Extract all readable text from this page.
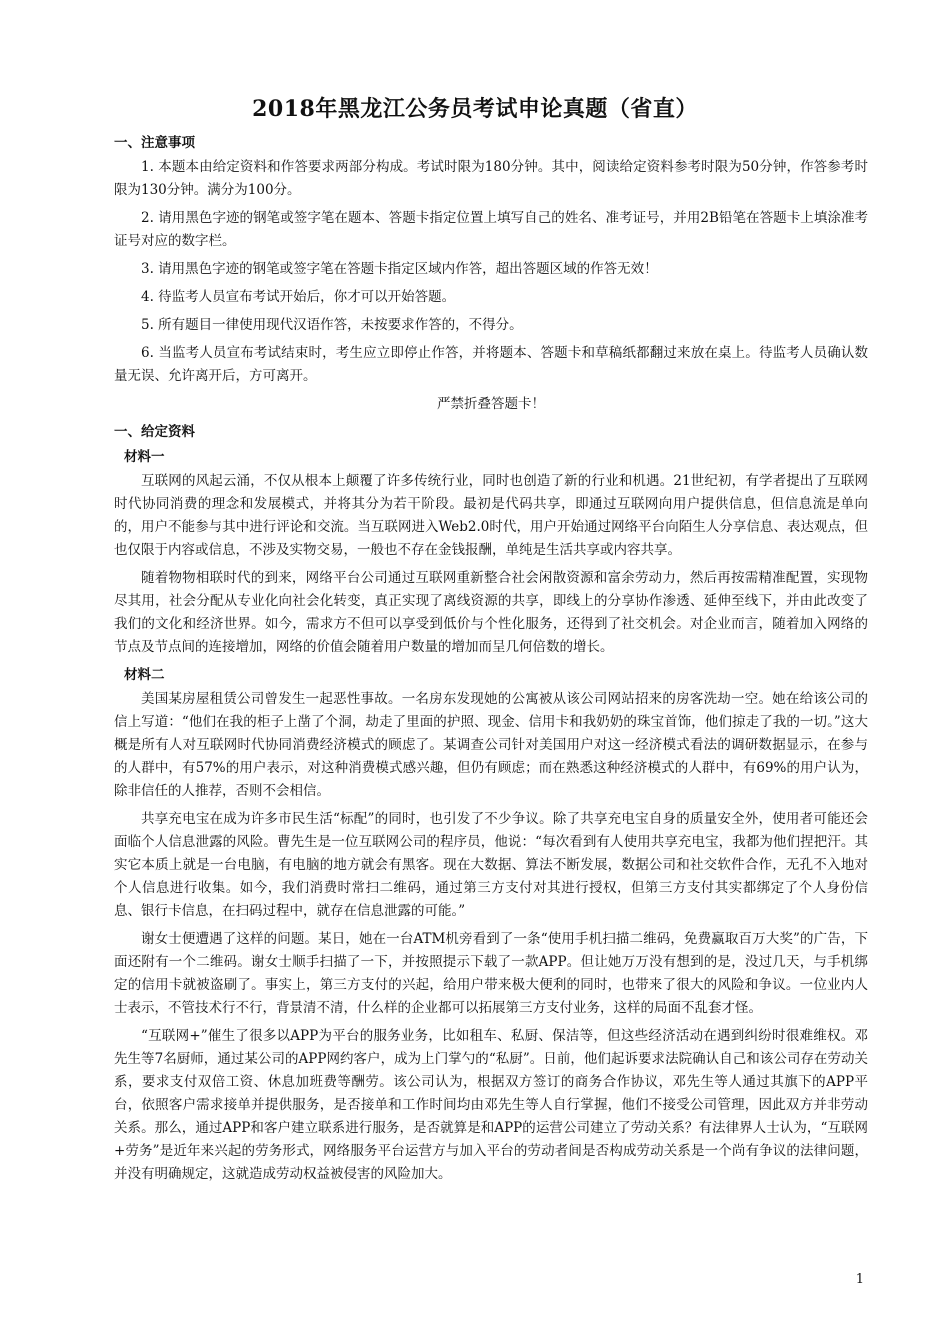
2018年黑龙江公务员考试申论真题（省直）
一、注意事项
1. 本题本由给定资料和作答要求两部分构成。考试时限为180分钟。其中，阅读给定资料参考时限为50分钟，作答参考时限为130分钟。满分为100分。
2. 请用黑色字迹的钢笔或签字笔在题本、答题卡指定位置上填写自己的姓名、准考证号，并用2B铅笔在答题卡上填涂准考证号对应的数字栏。
3. 请用黑色字迹的钢笔或签字笔在答题卡指定区域内作答，超出答题区域的作答无效！
4. 待监考人员宣布考试开始后，你才可以开始答题。
5. 所有题目一律使用现代汉语作答，未按要求作答的，不得分。
6. 当监考人员宣布考试结束时，考生应立即停止作答，并将题本、答题卡和草稿纸都翻过来放在桌上。待监考人员确认数量无误、允许离开后，方可离开。
严禁折叠答题卡！
一、给定资料
材料一
互联网的风起云涌，不仅从根本上颠覆了许多传统行业，同时也创造了新的行业和机遇。21世纪初，有学者提出了互联网时代协同消费的理念和发展模式，并将其分为若干阶段。最初是代码共享，即通过互联网向用户提供信息，但信息流是单向的，用户不能参与其中进行评论和交流。当互联网进入Web2.0时代，用户开始通过网络平台向陌生人分享信息、表达观点，但也仅限于内容或信息，不涉及实物交易，一般也不存在金钱报酬，单纯是生活共享或内容共享。
随着物物相联时代的到来，网络平台公司通过互联网重新整合社会闲散资源和富余劳动力，然后再按需精准配置，实现物尽其用，社会分配从专业化向社会化转变，真正实现了离线资源的共享，即线上的分享协作渗透、延伸至线下，并由此改变了我们的文化和经济世界。如今，需求方不但可以享受到低价与个性化服务，还得到了社交机会。对企业而言，随着加入网络的节点及节点间的连接增加，网络的价值会随着用户数量的增加而呈几何倍数的增长。
材料二
美国某房屋租赁公司曾发生一起恶性事故。一名房东发现她的公寓被从该公司网站招来的房客洗劫一空。她在给该公司的信上写道：“他们在我的柜子上凿了个洞，劫走了里面的护照、现金、信用卡和我奶奶的珠宝首饰，他们掠走了我的一切。”这大概是所有人对互联网时代协同消费经济模式的顾虑了。某调查公司针对美国用户对这一经济模式看法的调研数据显示，在参与的人群中，有57%的用户表示，对这种消费模式感兴趣，但仍有顾虑；而在熟悉这种经济模式的人群中，有69%的用户认为，除非信任的人推荐，否则不会相信。
共享充电宝在成为许多市民生活“标配”的同时，也引发了不少争议。除了共享充电宝自身的质量安全外，使用者可能还会面临个人信息泄露的风险。曹先生是一位互联网公司的程序员，他说：“每次看到有人使用共享充电宝，我都为他们捏把汗。其实它本质上就是一台电脑，有电脑的地方就会有黑客。现在大数据、算法不断发展，数据公司和社交软件合作，无孔不入地对个人信息进行收集。如今，我们消费时常扫二维码，通过第三方支付对其进行授权，但第三方支付其实都绑定了个人身份信息、银行卡信息，在扫码过程中，就存在信息泄露的可能。”
谢女士便遭遇了这样的问题。某日，她在一台ATM机旁看到了一条“使用手机扫描二维码，免费赢取百万大奖”的广告，下面还附有一个二维码。谢女士顺手扫描了一下，并按照提示下载了一款APP。但让她万万没有想到的是，没过几天，与手机绑定的信用卡就被盗刷了。事实上，第三方支付的兴起，给用户带来极大便利的同时，也带来了很大的风险和争议。一位业内人士表示，不管技术行不行，背景清不清，什么样的企业都可以拓展第三方支付业务，这样的局面不乱套才怪。
“互联网+”催生了很多以APP为平台的服务业务，比如租车、私厨、保洁等，但这些经济活动在遇到纠纷时很难维权。邓先生等7名厨师，通过某公司的APP网约客户，成为上门掌勺的“私厨”。日前，他们起诉要求法院确认自己和该公司存在劳动关系，要求支付双倍工资、休息加班费等酬劳。该公司认为，根据双方签订的商务合作协议，邓先生等人通过其旗下的APP平台，依照客户需求接单并提供服务，是否接单和工作时间均由邓先生等人自行掌握，他们不接受公司管理，因此双方并非劳动关系。那么，通过APP和客户建立联系进行服务，是否就算是和APP的运营公司建立了劳动关系？有法律界人士认为，“互联网+劳务”是近年来兴起的劳务形式，网络服务平台运营方与加入平台的劳动者间是否构成劳动关系是一个尚有争议的法律问题，并没有明确规定，这就造成劳动权益被侵害的风险加大。
1
